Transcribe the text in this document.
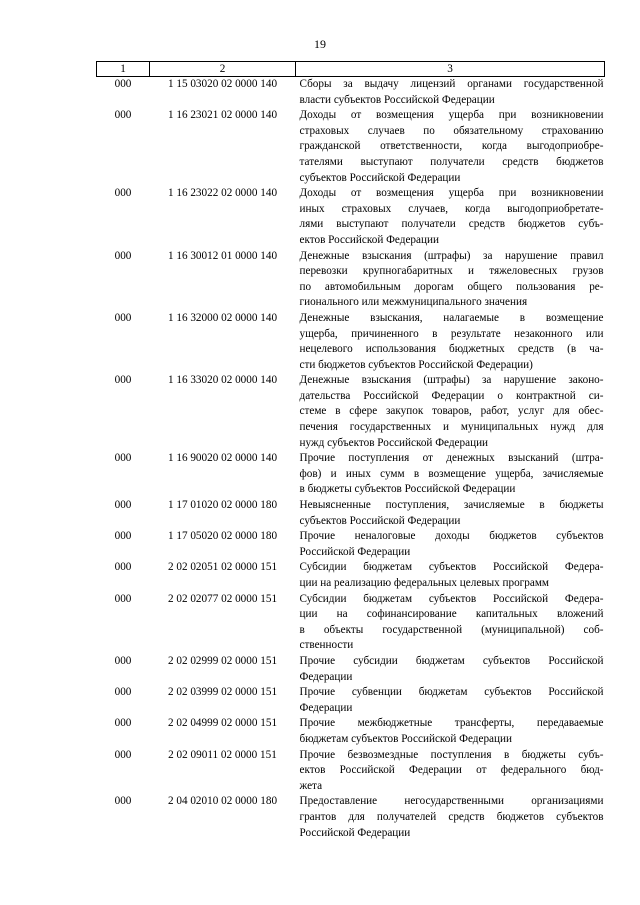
19
1	2	3
000	1 15 03020 02 0000 140	Сборы за выдачу лицензий органами государственной
власти субъектов Российской Федерации

000	1 16 23021 02 0000 140	Доходы от возмещения ущерба при возникновении
страховых случаев по обязательному страхованию
гражданской ответственности, когда выгодоприобре-
тателями выступают получатели средств бюджетов
субъектов Российской Федерации

000	1 16 23022 02 0000 140	Доходы от возмещения ущерба при возникновении
иных страховых случаев, когда выгодоприобретате-
лями выступают получатели средств бюджетов субъ-
ектов Российской Федерации

000	1 16 30012 01 0000 140	Денежные взыскания (штрафы) за нарушение правил
перевозки крупногабаритных и тяжеловесных грузов
по автомобильным дорогам общего пользования ре-
гионального или межмуниципального значения

000	1 16 32000 02 0000 140	Денежные взыскания, налагаемые в возмещение
ущерба, причиненного в результате незаконного или
нецелевого использования бюджетных средств (в ча-
сти бюджетов субъектов Российской Федерации)

000	1 16 33020 02 0000 140	Денежные взыскания (штрафы) за нарушение законо-
дательства Российской Федерации о контрактной си-
стеме в сфере закупок товаров, работ, услуг для обес-
печения государственных и муниципальных нужд для
нужд субъектов Российской Федерации

000	1 16 90020 02 0000 140	Прочие поступления от денежных взысканий (штра-
фов) и иных сумм в возмещение ущерба, зачисляемые
в бюджеты субъектов Российской Федерации

000	1 17 01020 02 0000 180	Невыясненные поступления, зачисляемые в бюджеты
субъектов Российской Федерации

000	1 17 05020 02 0000 180	Прочие неналоговые доходы бюджетов субъектов
Российской Федерации

000	2 02 02051 02 0000 151	Субсидии бюджетам субъектов Российской Федера-
ции на реализацию федеральных целевых программ

000	2 02 02077 02 0000 151	Субсидии бюджетам субъектов Российской Федера-
ции на софинансирование капитальных вложений
в объекты государственной (муниципальной) соб-
ственности

000	2 02 02999 02 0000 151	Прочие субсидии бюджетам субъектов Российской
Федерации

000	2 02 03999 02 0000 151	Прочие субвенции бюджетам субъектов Российской
Федерации

000	2 02 04999 02 0000 151	Прочие межбюджетные трансферты, передаваемые
бюджетам субъектов Российской Федерации

000	2 02 09011 02 0000 151	Прочие безвозмездные поступления в бюджеты субъ-
ектов Российской Федерации от федерального бюд-
жета

000	2 04 02010 02 0000 180	Предоставление негосударственными организациями
грантов для получателей средств бюджетов субъектов
Российской Федерации
